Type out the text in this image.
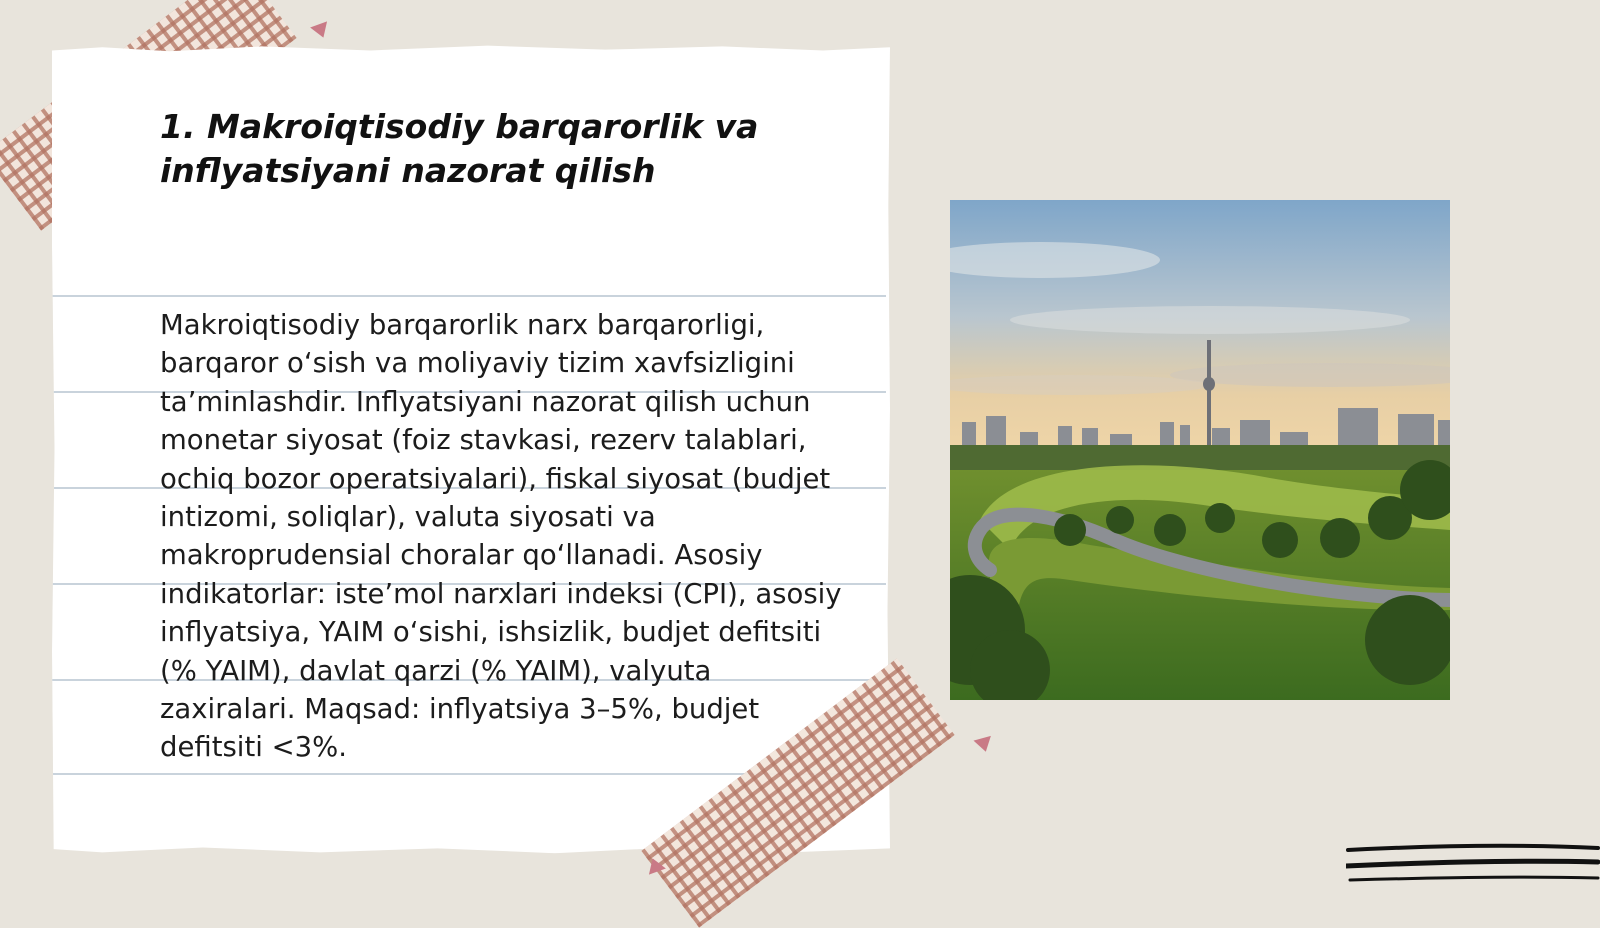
1. Makroiqtisodiy barqarorlik va inflyatsiyani nazorat qilish

Makroiqtisodiy barqarorlik narx barqarorligi, barqaror o‘sish va moliyaviy tizim xavfsizligini ta’minlashdir. Inflyatsiyani nazorat qilish uchun monetar siyosat (foiz stavkasi, rezerv talablari, ochiq bozor operatsiyalari), fiskal siyosat (budjet intizomi, soliqlar), valuta siyosati va makroprudensial choralar qo‘llanadi. Asosiy indikatorlar: iste’mol narxlari indeksi (CPI), asosiy inflyatsiya, YAIM o‘sishi, ishsizlik, budjet defitsiti (% YAIM), davlat qarzi (% YAIM), valyuta zaxiralari. Maqsad: inflyatsiya 3–5%, budjet defitsiti <3%.
